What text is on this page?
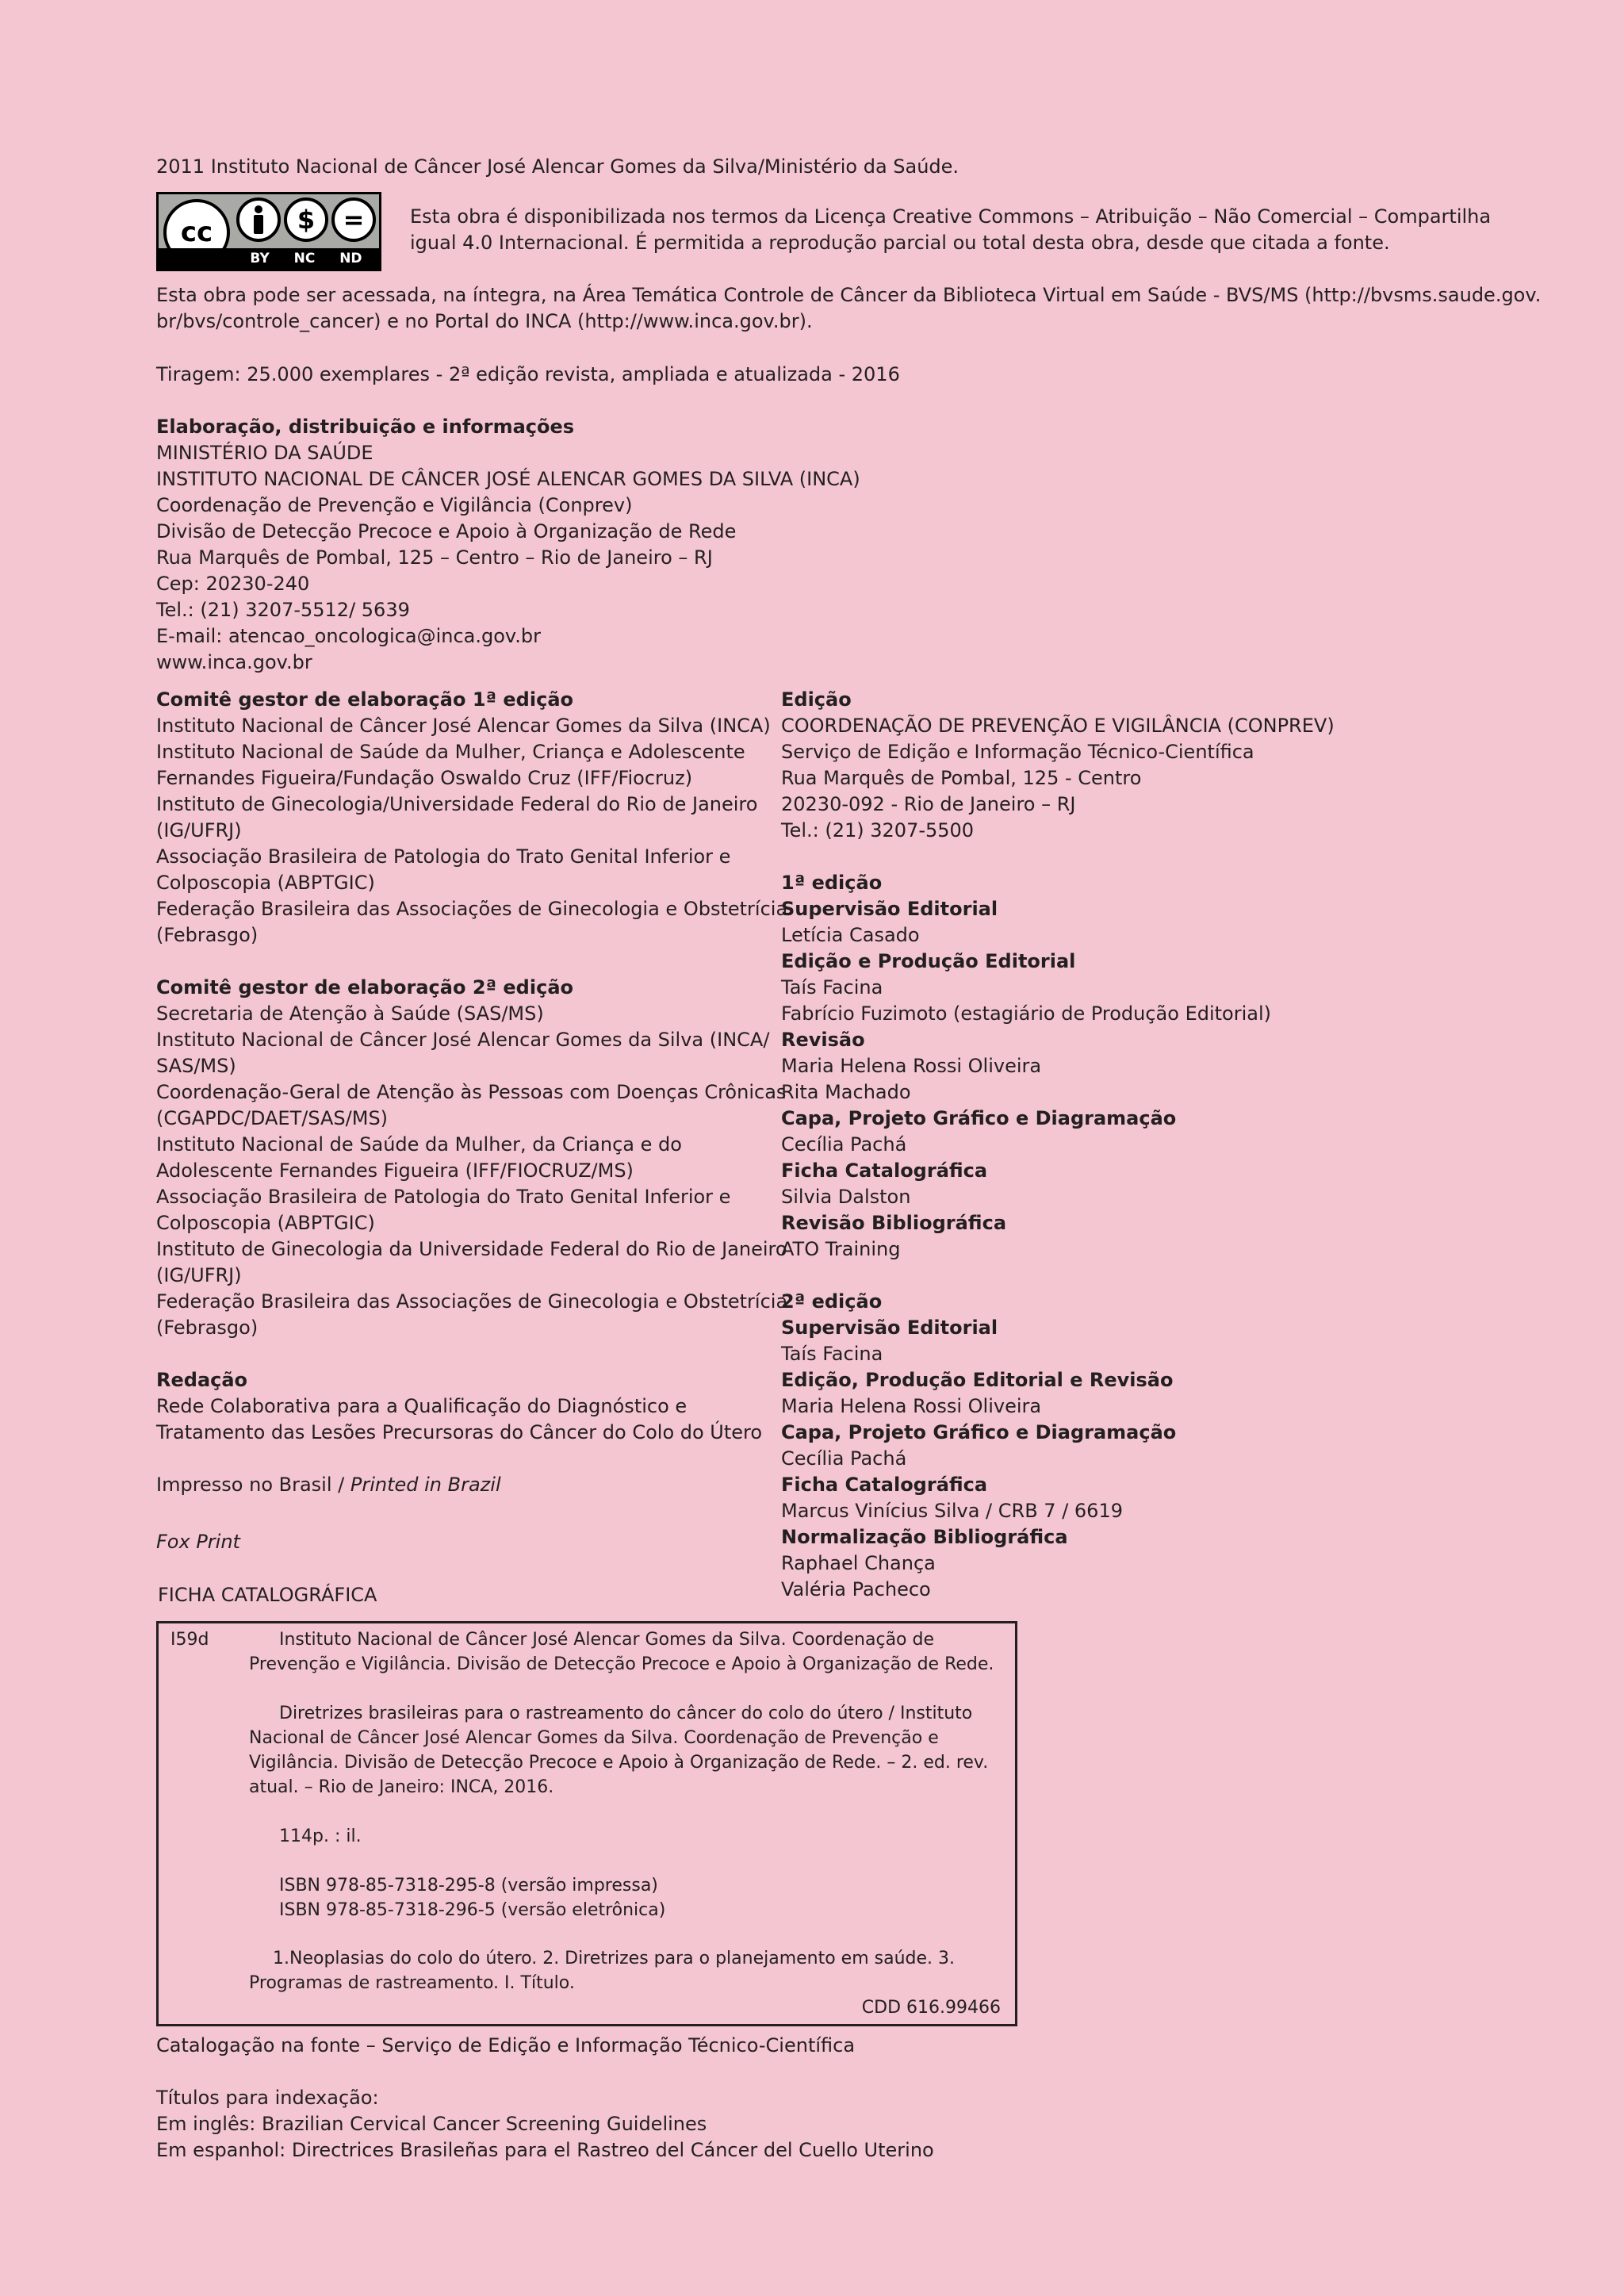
2011 Instituto Nacional de Câncer José Alencar Gomes da Silva/Ministério da Saúde.
cc	$ =
BY NC ND
Esta obra é disponibilizada nos termos da Licença Creative Commons – Atribuição – Não Comercial – Compartilha
igual 4.0 Internacional. É permitida a reprodução parcial ou total desta obra, desde que citada a fonte.
Esta obra pode ser acessada, na íntegra, na Área Temática Controle de Câncer da Biblioteca Virtual em Saúde - BVS/MS (http://bvsms.saude.gov.
br/bvs/controle_cancer) e no Portal do INCA (http://www.inca.gov.br).
Tiragem: 25.000 exemplares - 2ª edição revista, ampliada e atualizada - 2016
Elaboração, distribuição e informações
MINISTÉRIO DA SAÚDE
INSTITUTO NACIONAL DE CÂNCER JOSÉ ALENCAR GOMES DA SILVA (INCA)
Coordenação de Prevenção e Vigilância (Conprev)
Divisão de Detecção Precoce e Apoio à Organização de Rede
Rua Marquês de Pombal, 125 – Centro – Rio de Janeiro – RJ
Cep: 20230-240
Tel.: (21) 3207-5512/ 5639
E-mail: atencao_oncologica@inca.gov.br
www.inca.gov.br
Comitê gestor de elaboração 1ª edição
Instituto Nacional de Câncer José Alencar Gomes da Silva (INCA)
Instituto Nacional de Saúde da Mulher, Criança e Adolescente
Fernandes Figueira/Fundação Oswaldo Cruz (IFF/Fiocruz)
Instituto de Ginecologia/Universidade Federal do Rio de Janeiro
(IG/UFRJ)
Associação Brasileira de Patologia do Trato Genital Inferior e
Colposcopia (ABPTGIC)
Federação Brasileira das Associações de Ginecologia e Obstetrícia
(Febrasgo)
Comitê gestor de elaboração 2ª edição
Secretaria de Atenção à Saúde (SAS/MS)
Instituto Nacional de Câncer José Alencar Gomes da Silva (INCA/
SAS/MS)
Coordenação-Geral de Atenção às Pessoas com Doenças Crônicas
(CGAPDC/DAET/SAS/MS)
Instituto Nacional de Saúde da Mulher, da Criança e do
Adolescente Fernandes Figueira (IFF/FIOCRUZ/MS)
Associação Brasileira de Patologia do Trato Genital Inferior e
Colposcopia (ABPTGIC)
Instituto de Ginecologia da Universidade Federal do Rio de Janeiro
(IG/UFRJ)
Federação Brasileira das Associações de Ginecologia e Obstetrícia
(Febrasgo)
Redação
Rede Colaborativa para a Qualificação do Diagnóstico e
Tratamento das Lesões Precursoras do Câncer do Colo do Útero
Impresso no Brasil / Printed in Brazil
Fox Print
Edição
COORDENAÇÃO DE PREVENÇÃO E VIGILÂNCIA (CONPREV)
Serviço de Edição e Informação Técnico-Científica
Rua Marquês de Pombal, 125 - Centro
20230-092 - Rio de Janeiro – RJ
Tel.: (21) 3207-5500
1ª edição
Supervisão Editorial
Letícia Casado
Edição e Produção Editorial
Taís Facina
Fabrício Fuzimoto (estagiário de Produção Editorial)
Revisão
Maria Helena Rossi Oliveira
Rita Machado
Capa, Projeto Gráfico e Diagramação
Cecília Pachá
Ficha Catalográfica
Silvia Dalston
Revisão Bibliográfica
ATO Training
2ª edição
Supervisão Editorial
Taís Facina
Edição, Produção Editorial e Revisão
Maria Helena Rossi Oliveira
Capa, Projeto Gráfico e Diagramação
Cecília Pachá
Ficha Catalográfica
Marcus Vinícius Silva / CRB 7 / 6619
Normalização Bibliográfica
Raphael Chança
Valéria Pacheco
FICHA CATALOGRÁFICA
I59d	Instituto Nacional de Câncer José Alencar Gomes da Silva. Coordenação de Prevenção e Vigilância. Divisão de Detecção Precoce e Apoio à Organização de Rede.
Diretrizes brasileiras para o rastreamento do câncer do colo do útero / Instituto Nacional de Câncer José Alencar Gomes da Silva. Coordenação de Prevenção e Vigilância. Divisão de Detecção Precoce e Apoio à Organização de Rede. – 2. ed. rev. atual. – Rio de Janeiro: INCA, 2016.
114p. : il.
ISBN 978-85-7318-295-8 (versão impressa)
ISBN 978-85-7318-296-5 (versão eletrônica)
1.Neoplasias do colo do útero. 2. Diretrizes para o planejamento em saúde. 3. Programas de rastreamento. I. Título.
CDD 616.99466
Catalogação na fonte – Serviço de Edição e Informação Técnico-Científica
Títulos para indexação:
Em inglês: Brazilian Cervical Cancer Screening Guidelines
Em espanhol: Directrices Brasileñas para el Rastreo del Cáncer del Cuello Uterino
